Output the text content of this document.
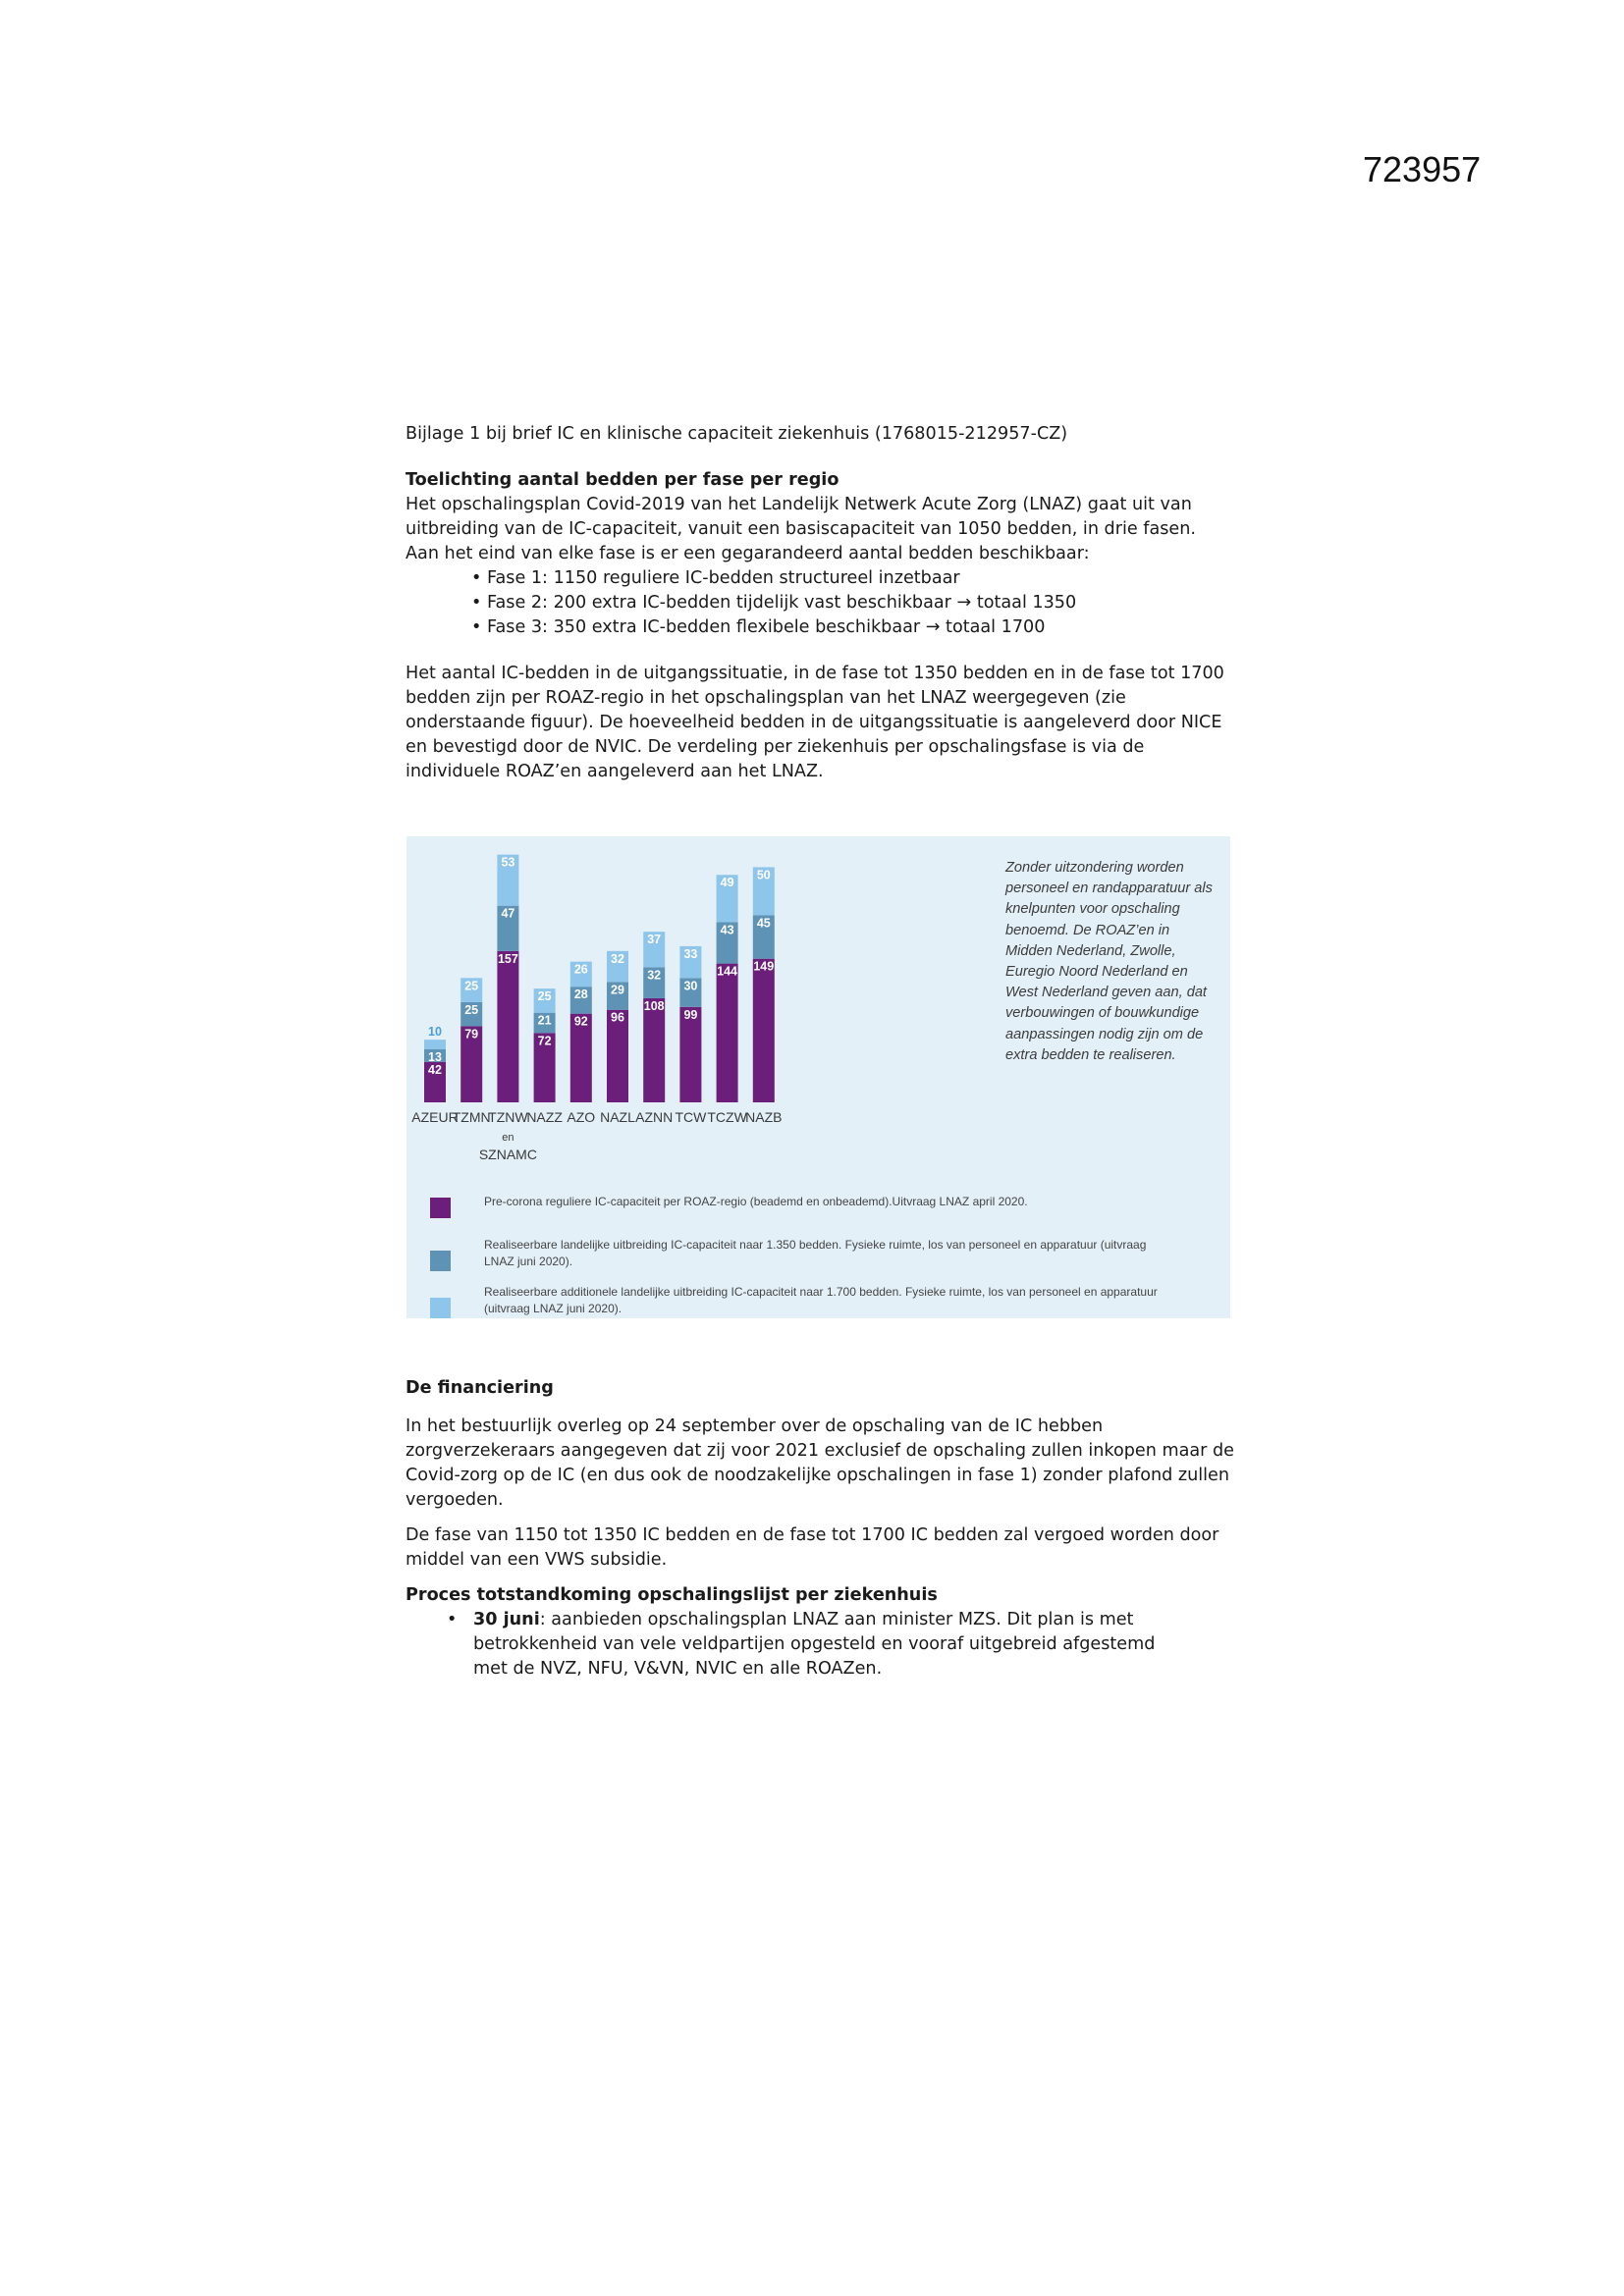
723957

Bijlage 1 bij brief IC en klinische capaciteit ziekenhuis (1768015-212957-CZ)

Toelichting aantal bedden per fase per regio

Het opschalingsplan Covid-2019 van het Landelijk Netwerk Acute Zorg (LNAZ) gaat uit van uitbreiding van de IC-capaciteit, vanuit een basiscapaciteit van 1050 bedden, in drie fasen. Aan het eind van elke fase is er een gegarandeerd aantal bedden beschikbaar:

• Fase 1: 1150 reguliere IC-bedden structureel inzetbaar
• Fase 2: 200 extra IC-bedden tijdelijk vast beschikbaar → totaal 1350
• Fase 3: 350 extra IC-bedden flexibele beschikbaar → totaal 1700

Het aantal IC-bedden in de uitgangssituatie, in de fase tot 1350 bedden en in de fase tot 1700 bedden zijn per ROAZ-regio in het opschalingsplan van het LNAZ weergegeven (zie onderstaande figuur). De hoeveelheid bedden in de uitgangssituatie is aangeleverd door NICE en bevestigd door de NVIC. De verdeling per ziekenhuis per opschalingsfase is via de individuele ROAZ’en aangeleverd aan het LNAZ.

42
13
10
AZEUR
79
25
25
TZMN
157
47
53
TZNW
en
SZNAMC
72
21
25
NAZZ
92
28
26
AZO
96
29
32
NAZL
108
32
37
AZNN
99
30
33
TCW
144
43
49
TCZW
149
45
50
NAZB
Zonder uitzondering worden personeel en randapparatuur als knelpunten voor opschaling benoemd. De ROAZ’en in Midden Nederland, Zwolle, Euregio Noord Nederland en West Nederland geven aan, dat verbouwingen of bouwkundige aanpassingen nodig zijn om de extra bedden te realiseren.
Pre-corona reguliere IC-capaciteit per ROAZ-regio (beademd en onbeademd).Uitvraag LNAZ april 2020.
Realiseerbare landelijke uitbreiding IC-capaciteit naar 1.350 bedden. Fysieke ruimte, los van personeel en apparatuur (uitvraag LNAZ juni 2020).
Realiseerbare additionele landelijke uitbreiding IC-capaciteit naar 1.700 bedden. Fysieke ruimte, los van personeel en apparatuur (uitvraag LNAZ juni 2020).

De financiering

In het bestuurlijk overleg op 24 september over de opschaling van de IC hebben zorgverzekeraars aangegeven dat zij voor 2021 exclusief de opschaling zullen inkopen maar de Covid-zorg op de IC (en dus ook de noodzakelijke opschalingen in fase 1) zonder plafond zullen vergoeden.

De fase van 1150 tot 1350 IC bedden en de fase tot 1700 IC bedden zal vergoed worden door middel van een VWS subsidie.

Proces totstandkoming opschalingslijst per ziekenhuis

• 30 juni: aanbieden opschalingsplan LNAZ aan minister MZS. Dit plan is met betrokkenheid van vele veldpartijen opgesteld en vooraf uitgebreid afgestemd met de NVZ, NFU, V&VN, NVIC en alle ROAZen.
